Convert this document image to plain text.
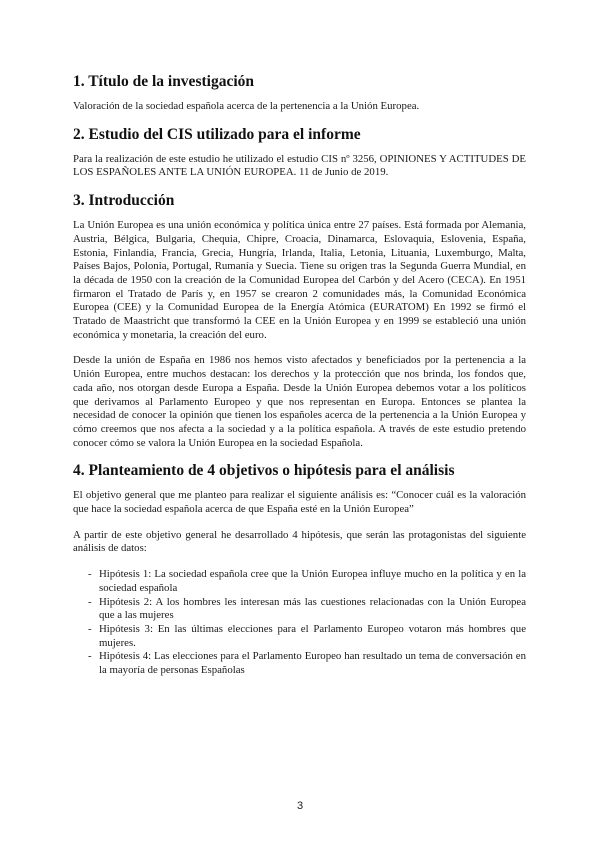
1. Título de la investigación

Valoración de la sociedad española acerca de la pertenencia a la Unión Europea.

2. Estudio del CIS utilizado para el informe

Para la realización de este estudio he utilizado el estudio CIS nº 3256, OPINIONES Y ACTITUDES DE LOS ESPAÑOLES ANTE LA UNIÓN EUROPEA. 11 de Junio de 2019.

3. Introducción

La Unión Europea es una unión económica y política única entre 27 países. Está formada por Alemania, Austria, Bélgica, Bulgaria, Chequia, Chipre, Croacia, Dinamarca, Eslovaquia, Eslovenia, España, Estonia, Finlandia, Francia, Grecia, Hungría, Irlanda, Italia, Letonia, Lituania, Luxemburgo, Malta, Países Bajos, Polonia, Portugal, Rumanía y Suecia. Tiene su origen tras la Segunda Guerra Mundial, en la década de 1950 con la creación de la Comunidad Europea del Carbón y del Acero (CECA). En 1951 firmaron el Tratado de París y, en 1957 se crearon 2 comunidades más, la Comunidad Económica Europea (CEE) y la Comunidad Europea de la Energía Atómica (EURATOM) En 1992 se firmó el Tratado de Maastricht que transformó la CEE en la Unión Europea y en 1999 se estableció una unión económica y monetaria, la creación del euro.

Desde la unión de España en 1986 nos hemos visto afectados y beneficiados por la pertenencia a la Unión Europea, entre muchos destacan: los derechos y la protección que nos brinda, los fondos que, cada año, nos otorgan desde Europa a España. Desde la Unión Europea debemos votar a los políticos que derivamos al Parlamento Europeo y que nos representan en Europa. Entonces se plantea la necesidad de conocer la opinión que tienen los españoles acerca de la pertenencia a la Unión Europea y cómo creemos que nos afecta a la sociedad y a la política española. A través de este estudio pretendo conocer cómo se valora la Unión Europea en la sociedad Española.

4. Planteamiento de 4 objetivos o hipótesis para el análisis

El objetivo general que me planteo para realizar el siguiente análisis es: “Conocer cuál es la valoración que hace la sociedad española acerca de que España esté en la Unión Europea”

A partir de este objetivo general he desarrollado 4 hipótesis, que serán las protagonistas del siguiente análisis de datos:

- Hipótesis 1: La sociedad española cree que la Unión Europea influye mucho en la política y en la sociedad española
- Hipótesis 2: A los hombres les interesan más las cuestiones relacionadas con la Unión Europea que a las mujeres
- Hipótesis 3: En las últimas elecciones para el Parlamento Europeo votaron más hombres que mujeres.
- Hipótesis 4: Las elecciones para el Parlamento Europeo han resultado un tema de conversación en la mayoría de personas Españolas
3
